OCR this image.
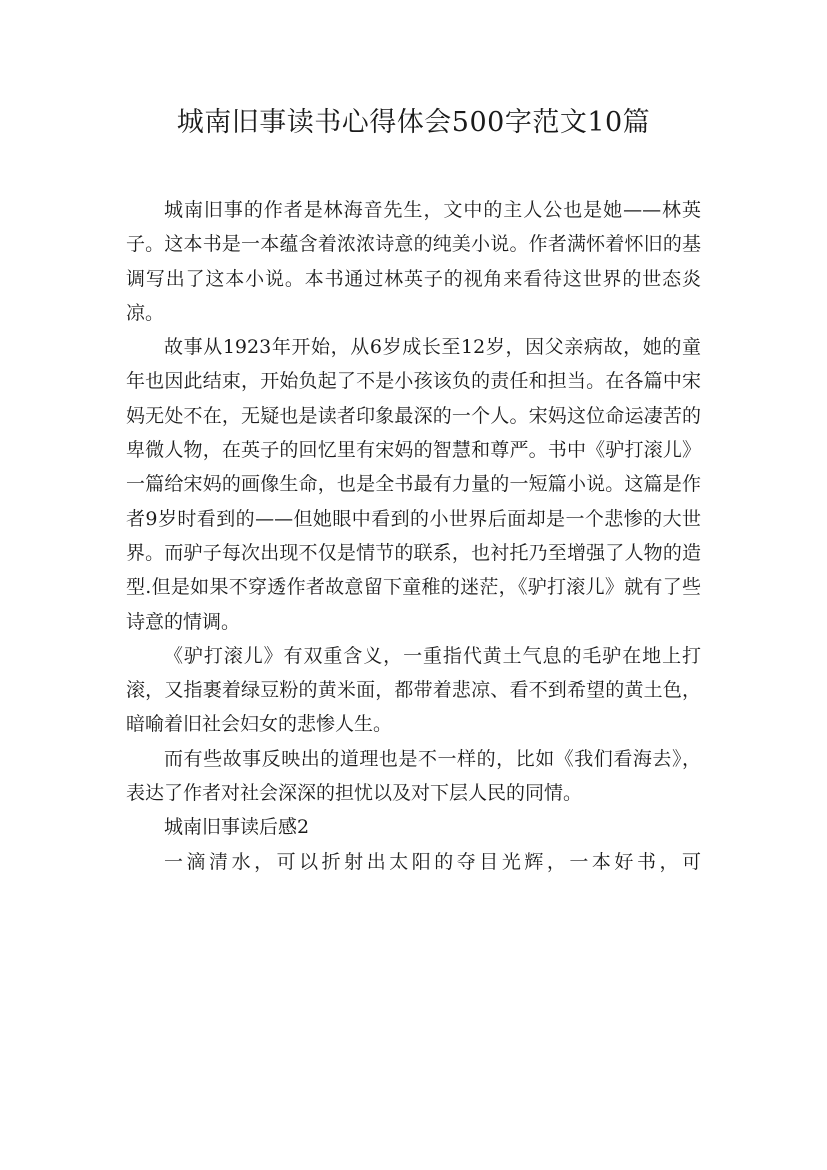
城南旧事读书心得体会500字范文10篇

城南旧事的作者是林海音先生，文中的主人公也是她——林英子。这本书是一本蕴含着浓浓诗意的纯美小说。作者满怀着怀旧的基调写出了这本小说。本书通过林英子的视角来看待这世界的世态炎凉。

故事从1923年开始，从6岁成长至12岁，因父亲病故，她的童年也因此结束，开始负起了不是小孩该负的责任和担当。在各篇中宋妈无处不在，无疑也是读者印象最深的一个人。宋妈这位命运凄苦的卑微人物，在英子的回忆里有宋妈的智慧和尊严。书中《驴打滚儿》一篇给宋妈的画像生命，也是全书最有力量的一短篇小说。这篇是作者9岁时看到的——但她眼中看到的小世界后面却是一个悲惨的大世界。而驴子每次出现不仅是情节的联系，也衬托乃至增强了人物的造型.但是如果不穿透作者故意留下童稚的迷茫，《驴打滚儿》就有了些诗意的情调。

《驴打滚儿》有双重含义，一重指代黄土气息的毛驴在地上打滚，又指裹着绿豆粉的黄米面，都带着悲凉、看不到希望的黄土色，暗喻着旧社会妇女的悲惨人生。

而有些故事反映出的道理也是不一样的，比如《我们看海去》，表达了作者对社会深深的担忧以及对下层人民的同情。

城南旧事读后感2

一滴清水，可以折射出太阳的夺目光辉，一本好书，可
